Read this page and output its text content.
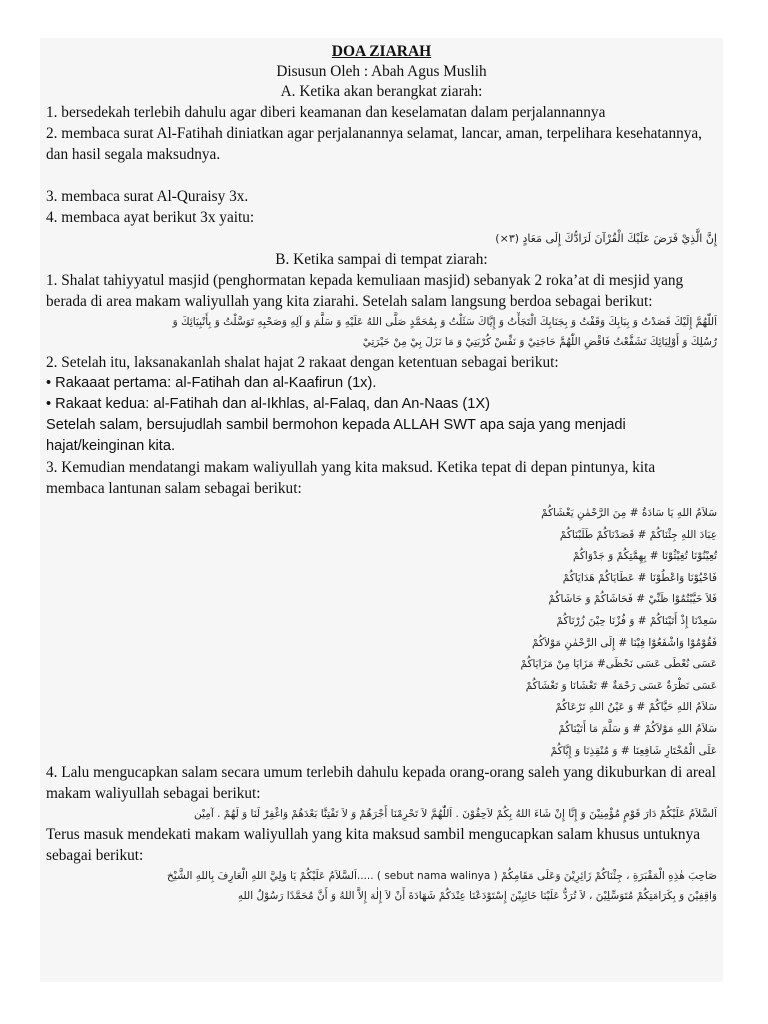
DOA ZIARAH

Disusun Oleh : Abah Agus Muslih

A. Ketika akan berangkat ziarah:

1. bersedekah terlebih dahulu agar diberi keamanan dan keselamatan dalam perjalannannya

2. membaca surat Al-Fatihah diniatkan agar perjalanannya selamat, lancar, aman, terpelihara kesehatannya, dan hasil segala maksudnya.

3. membaca surat Al-Quraisy 3x.

4. membaca ayat berikut 3x yaitu:

إِنَّ الَّذِيْ فَرَضَ عَلَيْكَ الْقُرْآنَ لَرَادُّكَ إِلَى مَعَادٍ (٣×)

B. Ketika sampai di tempat ziarah:

1. Shalat tahiyyatul masjid (penghormatan kepada kemuliaan masjid) sebanyak 2 roka’at di mesjid yang berada di area makam waliyullah yang kita ziarahi. Setelah salam langsung berdoa sebagai berikut:

اَللّٰهُمَّ إِلَيْكَ قَصَدْتُ وَ بِبَابِكَ وَقَفْتُ وَ بِجَنَابِكَ الْتَجَأْتُ وَ إِيَّاكَ سَئَلْتُ وَ بِمُحَمَّدٍ صَلَّى اللهُ عَلَيْهِ وَ سَلَّمَ وَ آلِهِ وَصَحْبِهِ تَوَسَّلْتُ وَ بِأَنْبِيَائِكَ وَ

رُسُلِكَ وَ أَوْلِيَائِكَ تَشَفَّعْتُ فَاقْضِ اللّٰهُمَّ حَاجَتِيْ وَ نَفِّسْ كُرْبَتِيْ وَ مَا نَزَلَ بِيْ مِنْ حَيْرَتِيْ

2. Setelah itu, laksanakanlah shalat hajat 2 rakaat dengan ketentuan sebagai berikut:

• Rakaaat pertama: al-Fatihah dan al-Kaafirun (1x).

• Rakaat kedua: al-Fatihah dan al-Ikhlas, al-Falaq, dan An-Naas (1X)

Setelah salam, bersujudlah sambil bermohon kepada ALLAH SWT apa saja yang menjadi hajat/keinginan kita.

3. Kemudian mendatangi makam waliyullah yang kita maksud. Ketika tepat di depan pintunya, kita membaca lantunan salam sebagai berikut:

سَلاَمُ اللهِ يَا سَادَةُ # مِنَ الرَّحْمٰنِ يَغْشَاكُمْ

عِبَادَ اللهِ جِئْنَاكُمْ # قَصَدْنَاكُمْ طَلَبْنَاكُمْ

تُعِيْنُوْنَا تُغِيْثُوْنَا # بِهِمَّتِكُمْ وَ جَدْوَاكُمْ

فَاحْيُوْنَا وَاعْطُوْنَا # عَطَايَاكُمْ هَدَايَاكُمْ

فَلاَ خَيَّبْتُمُوْا ظَنِّيْ # فَحَاشَاكُمْ وَ حَاشَاكُمْ

سَعِدْنَا إِذْ أَتَيْنَاكُمْ # وَ فُزْنَا حِيْنَ زُرْنَاكُمْ

فَقُوْمُوْا وَاشْفَعُوْا فِيْنَا # إِلَى الرَّحْمٰنِ مَوْلاَكُمْ

عَسَى نُعْطَى عَسَى نَحْظَى# مَزَايَا مِنْ مَزَايَاكُمْ

عَسَى نَظْرَةٌ عَسَى رَحْمَةٌ # تَغْشَانَا وَ تَغْشَاكُمْ

سَلاَمُ اللهِ حَيَّاكُمْ # وَ عَيْنُ اللهِ تَرْعَاكُمْ

سَلاَمُ اللهِ مَوْلاَكُمْ # وَ سَلَّمَ مَا أَتَيْنَاكُمْ

عَلَى الْمُخْتَارِ شَافِعِنَا # وَ مُنْقِذِنَا وَ إِيَّاكُمْ

4. Lalu mengucapkan salam secara umum terlebih dahulu kepada orang-orang saleh yang dikuburkan di areal makam waliyullah sebagai berikut:

اَلسَّلاَمُ عَلَيْكُمْ دَارَ قَوْمٍ مُؤْمِنِيْنَ وَ إِنَّا إِنْ شَاءَ اللهُ بِكُمْ لاَحِقُوْنَ . اَللّٰهُمَّ لاَ تَحْرِمْنَا أَجْرَهُمْ وَ لاَ تَفْتِنَّا بَعْدَهُمْ وَاغْفِرْ لَنَا وَ لَهُمْ . آمِيْن

Terus masuk mendekati makam waliyullah yang kita maksud sambil mengucapkan salam khusus untuknya sebagai berikut:

صَاحِبَ هٰذِهِ الْمَقْبَرَةِ ، جِئْنَاكُمْ زَائِرِيْنَ وَعَلَى مَقَامِكُمْ ( sebut nama walinya ) .....اَلسَّلاَمُ عَلَيْكُمْ يَا وَلِيَّ اللهِ الْعَارِفَ بِاللهِ الشَّيْخ

وَاقِفِيْنَ وَ بِكَرَامَتِكُمْ مُتَوَسِّلِيْنَ ، لاَ تُرَدُّ عَلَيْنَا خَائِبِيْنَ إِسْتَوْدَعْنَا عِنْدَكُمْ شَهَادَةَ أَنْ لاَ إِلٰهَ إِلاَّ اللهُ وَ أَنَّ مُحَمَّدًا رَسُوْلُ اللهِ
